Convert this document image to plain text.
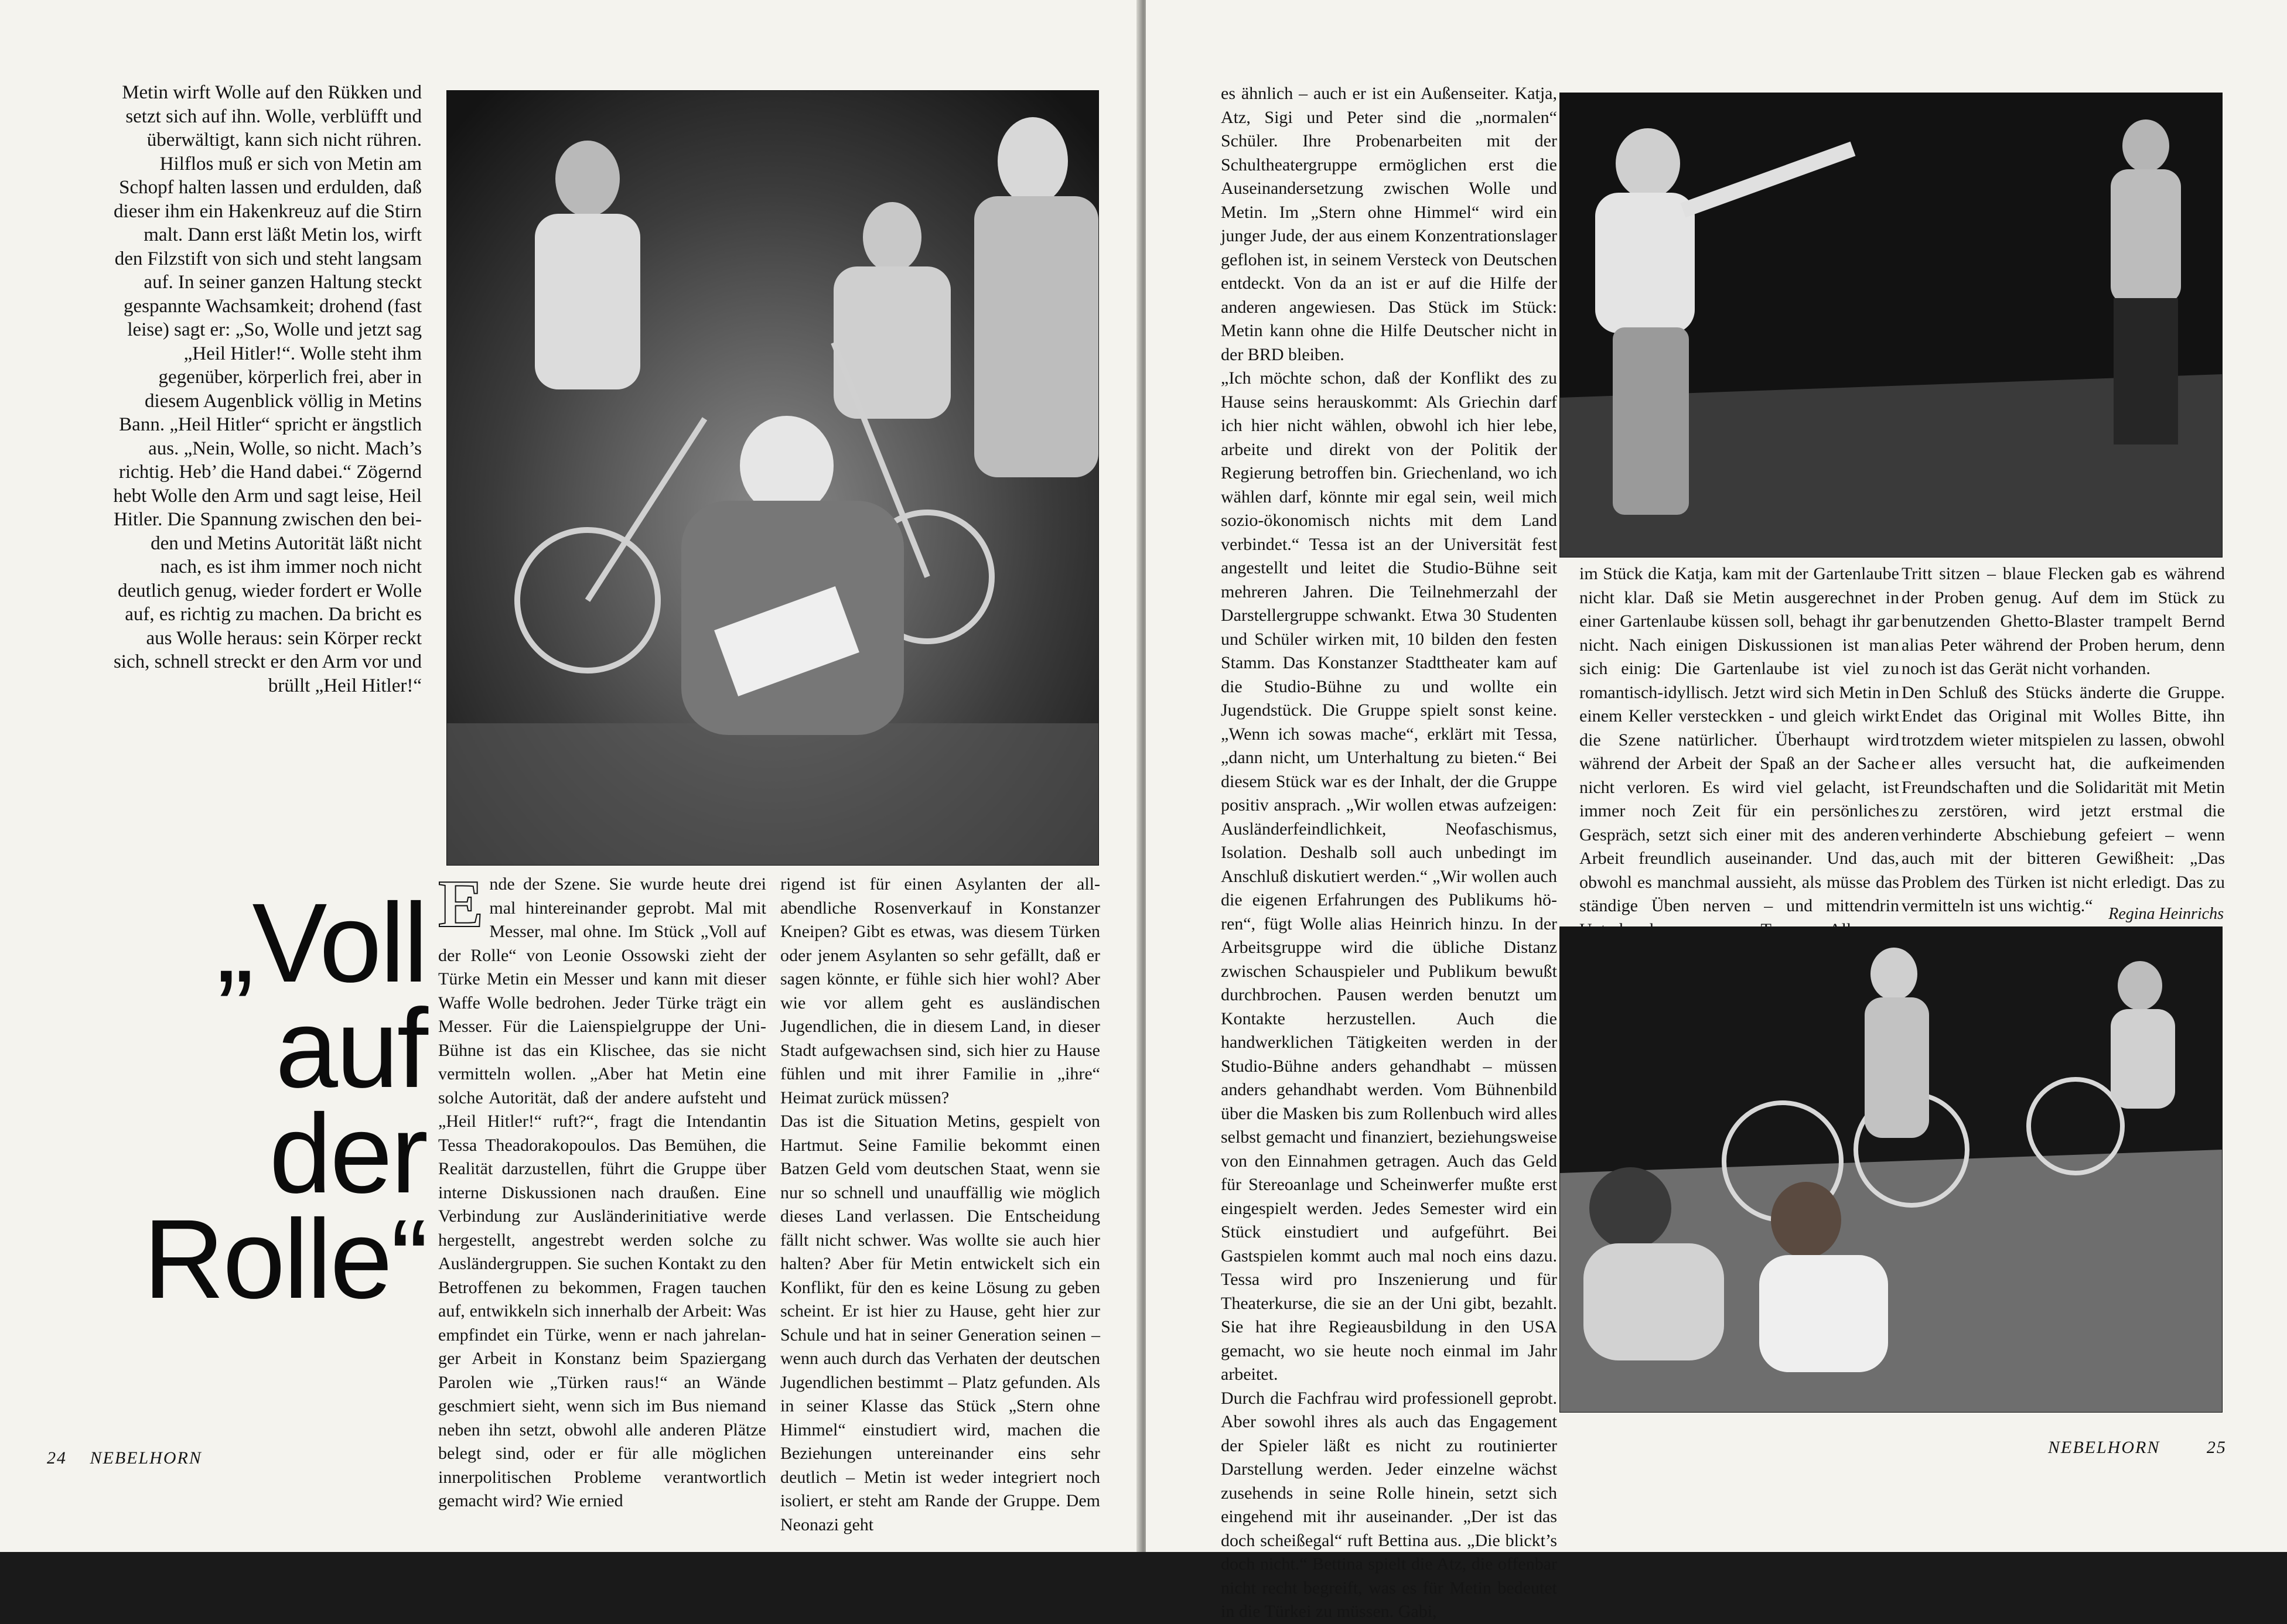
Metin wirft Wolle auf den Rükken und setzt sich auf ihn. Wolle, verblüfft und überwältigt, kann sich nicht rühren. Hilflos muß er sich von Metin am Schopf halten lassen und erdulden, daß dieser ihm ein Hakenkreuz auf die Stirn malt. Dann erst läßt Metin los, wirft den Filzstift von sich und steht langsam auf. In seiner ganzen Haltung steckt gespannte Wachsamkeit; drohend (fast leise) sagt er: „So, Wolle und jetzt sag „Heil Hitler!“. Wolle steht ihm gegenüber, körperlich frei, aber in diesem Augenblick völlig in Metins Bann. „Heil Hitler“ spricht er ängstlich aus. „Nein, Wolle, so nicht. Mach’s richtig. Heb’ die Hand dabei.“ Zögernd hebt Wolle den Arm und sagt leise, Heil Hitler. Die Spannung zwischen den beiden und Metins Autorität läßt nicht nach, es ist ihm immer noch nicht deutlich genug, wieder fordert er Wolle auf, es richtig zu machen. Da bricht es aus Wolle heraus: sein Körper reckt sich, schnell streckt er den Arm vor und brüllt „Heil Hitler!“
„Voll
auf
der
Rolle“
Ende der Szene. Sie wurde heute drei mal hintereinander geprobt. Mal mit Messer, mal ohne. Im Stück „Voll auf der Rolle“ von Leonie Ossowski zieht der Türke Metin ein Messer und kann mit dieser Waffe Wolle bedrohen. Jeder Türke trägt ein Messer. Für die Laienspielgruppe der Uni-Bühne ist das ein Klischee, das sie nicht vermitteln wollen. „Aber hat Metin eine solche Autorität, daß der andere aufsteht und „Heil Hitler!“ ruft?“, fragt die Intendantin Tessa Theadorakopoulos. Das Bemühen, die Realität darzustellen, führt die Gruppe über interne Diskussionen nach draußen. Eine Verbindung zur Ausländerinitiative werde hergestellt, angestrebt werden solche zu Ausländergruppen. Sie suchen Kontakt zu den Betroffenen zu bekommen, Fragen tauchen auf, entwikkeln sich innerhalb der Arbeit: Was empfindet ein Türke, wenn er nach jahrelanger Arbeit in Konstanz beim Spaziergang Parolen wie „Türken raus!“ an Wände geschmiert sieht, wenn sich im Bus niemand neben ihn setzt, obwohl alle anderen Plätze belegt sind, oder er für alle möglichen innerpolitischen Probleme verantwortlich gemacht wird? Wie ernied
rigend ist für einen Asylanten der allabendliche Rosenverkauf in Konstanzer Kneipen? Gibt es etwas, was diesem Türken oder jenem Asylanten so sehr gefällt, daß er sagen könnte, er fühle sich hier wohl? Aber wie vor allem geht es ausländischen Jugendlichen, die in diesem Land, in dieser Stadt aufgewachsen sind, sich hier zu Hause fühlen und mit ihrer Familie in „ihre“ Heimat zurück müssen?
Das ist die Situation Metins, gespielt von Hartmut. Seine Familie bekommt einen Batzen Geld vom deutschen Staat, wenn sie nur so schnell und unauffällig wie möglich dieses Land verlassen. Die Entscheidung fällt nicht schwer. Was wollte sie auch hier halten? Aber für Metin entwickelt sich ein Konflikt, für den es keine Lösung zu geben scheint. Er ist hier zu Hause, geht hier zur Schule und hat in seiner Generation seinen – wenn auch durch das Verhaten der deutschen Jugendlichen bestimmt – Platz gefunden. Als in seiner Klasse das Stück „Stern ohne Himmel“ einstudiert wird, machen die Beziehungen untereinander eins sehr deutlich – Metin ist weder integriert noch isoliert, er steht am Rande der Gruppe. Dem Neonazi geht
24 NEBELHORN
es ähnlich – auch er ist ein Außenseiter. Katja, Atz, Sigi und Peter sind die „normalen“ Schüler. Ihre Probenarbeiten mit der Schultheatergruppe ermöglichen erst die Auseinandersetzung zwischen Wolle und Metin. Im „Stern ohne Himmel“ wird ein junger Jude, der aus einem Konzentrationslager geflohen ist, in seinem Versteck von Deutschen entdeckt. Von da an ist er auf die Hilfe der anderen angewiesen. Das Stück im Stück: Metin kann ohne die Hilfe Deutscher nicht in der BRD bleiben.
„Ich möchte schon, daß der Konflikt des zu Hause seins herauskommt: Als Griechin darf ich hier nicht wählen, obwohl ich hier lebe, arbeite und direkt von der Politik der Regierung betroffen bin. Griechenland, wo ich wählen darf, könnte mir egal sein, weil mich sozio-ökonomisch nichts mit dem Land verbindet.“ Tessa ist an der Universität fest angestellt und leitet die Studio-Bühne seit mehreren Jahren. Die Teilnehmerzahl der Darstellergruppe schwankt. Etwa 30 Studenten und Schüler wirken mit, 10 bilden den festen Stamm. Das Konstanzer Stadttheater kam auf die Studio-Bühne zu und wollte ein Jugendstück. Die Gruppe spielt sonst keine. „Wenn ich sowas mache“, erklärt mit Tessa, „dann nicht, um Unterhaltung zu bieten.“ Bei diesem Stück war es der Inhalt, der die Gruppe positiv ansprach. „Wir wollen etwas aufzeigen: Ausländerfeindlichkeit, Neofaschismus, Isolation. Deshalb soll auch unbedingt im Anschluß diskutiert werden.“ „Wir wollen auch die eigenen Erfahrungen des Publikums hören“, fügt Wolle alias Heinrich hinzu. In der Arbeitsgruppe wird die übliche Distanz zwischen Schauspieler und Publikum bewußt durchbrochen. Pausen werden benutzt um Kontakte herzustellen. Auch die handwerklichen Tätigkeiten werden in der Studio-Bühne anders gehandhabt – müssen anders gehandhabt werden. Vom Bühnenbild über die Masken bis zum Rollenbuch wird alles selbst gemacht und finanziert, beziehungsweise von den Einnahmen getragen. Auch das Geld für Stereoanlage und Scheinwerfer mußte erst eingespielt werden. Jedes Semester wird ein Stück einstudiert und aufgeführt. Bei Gastspielen kommt auch mal noch eins dazu. Tessa wird pro Inszenierung und für Theaterkurse, die sie an der Uni gibt, bezahlt. Sie hat ihre Regieausbildung in den USA gemacht, wo sie heute noch einmal im Jahr arbeitet.
Durch die Fachfrau wird professionell geprobt. Aber sowohl ihres als auch das Engagement der Spieler läßt es nicht zu routinierter Darstellung werden. Jeder einzelne wächst zusehends in seine Rolle hinein, setzt sich eingehend mit ihr auseinander. „Der ist das doch scheißegal“ ruft Bettina aus. „Die blickt’s doch nicht.“ Bettina spielt die Atz, die offenbar nicht recht begreift, was es für Metin bedeutet in die Türkei zu müssen. Gabi,
im Stück die Katja, kam mit der Gartenlaube nicht klar. Daß sie Metin ausgerechnet in einer Gartenlaube küssen soll, behagt ihr gar nicht. Nach einigen Diskussionen ist man sich einig: Die Gartenlaube ist viel zu romantisch-idyllisch. Jetzt wird sich Metin in einem Keller versteckken - und gleich wirkt die Szene natürlicher. Überhaupt wird während der Arbeit der Spaß an der Sache nicht verloren. Es wird viel gelacht, ist immer noch Zeit für ein persönliches Gespräch, setzt sich einer mit des anderen Arbeit freundlich auseinander. Und das, obwohl es manchmal aussieht, als müsse das ständige Üben nerven – und mittendrin
Tritt sitzen – blaue Flecken gab es während der Proben genug. Auf dem im Stück zu benutzenden Ghetto-Blaster trampelt Bernd alias Peter während der Proben herum, denn noch ist das Gerät nicht vorhanden.
Den Schluß des Stücks änderte die Gruppe. Endet das Original mit Wolles Bitte, ihn trotzdem wieter mitspielen zu lassen, obwohl er alles versucht hat, die aufkeimenden Freundschaften und die Solidarität mit Metin zu zerstören, wird jetzt erstmal die verhinderte Abschiebung gefeiert – wenn auch mit der bitteren Gewißheit: „Das Problem des Türken ist nicht erledigt. Das zu vermitteln ist uns wichtig.“ Regina Heinrichs
NEBELHORN	25
